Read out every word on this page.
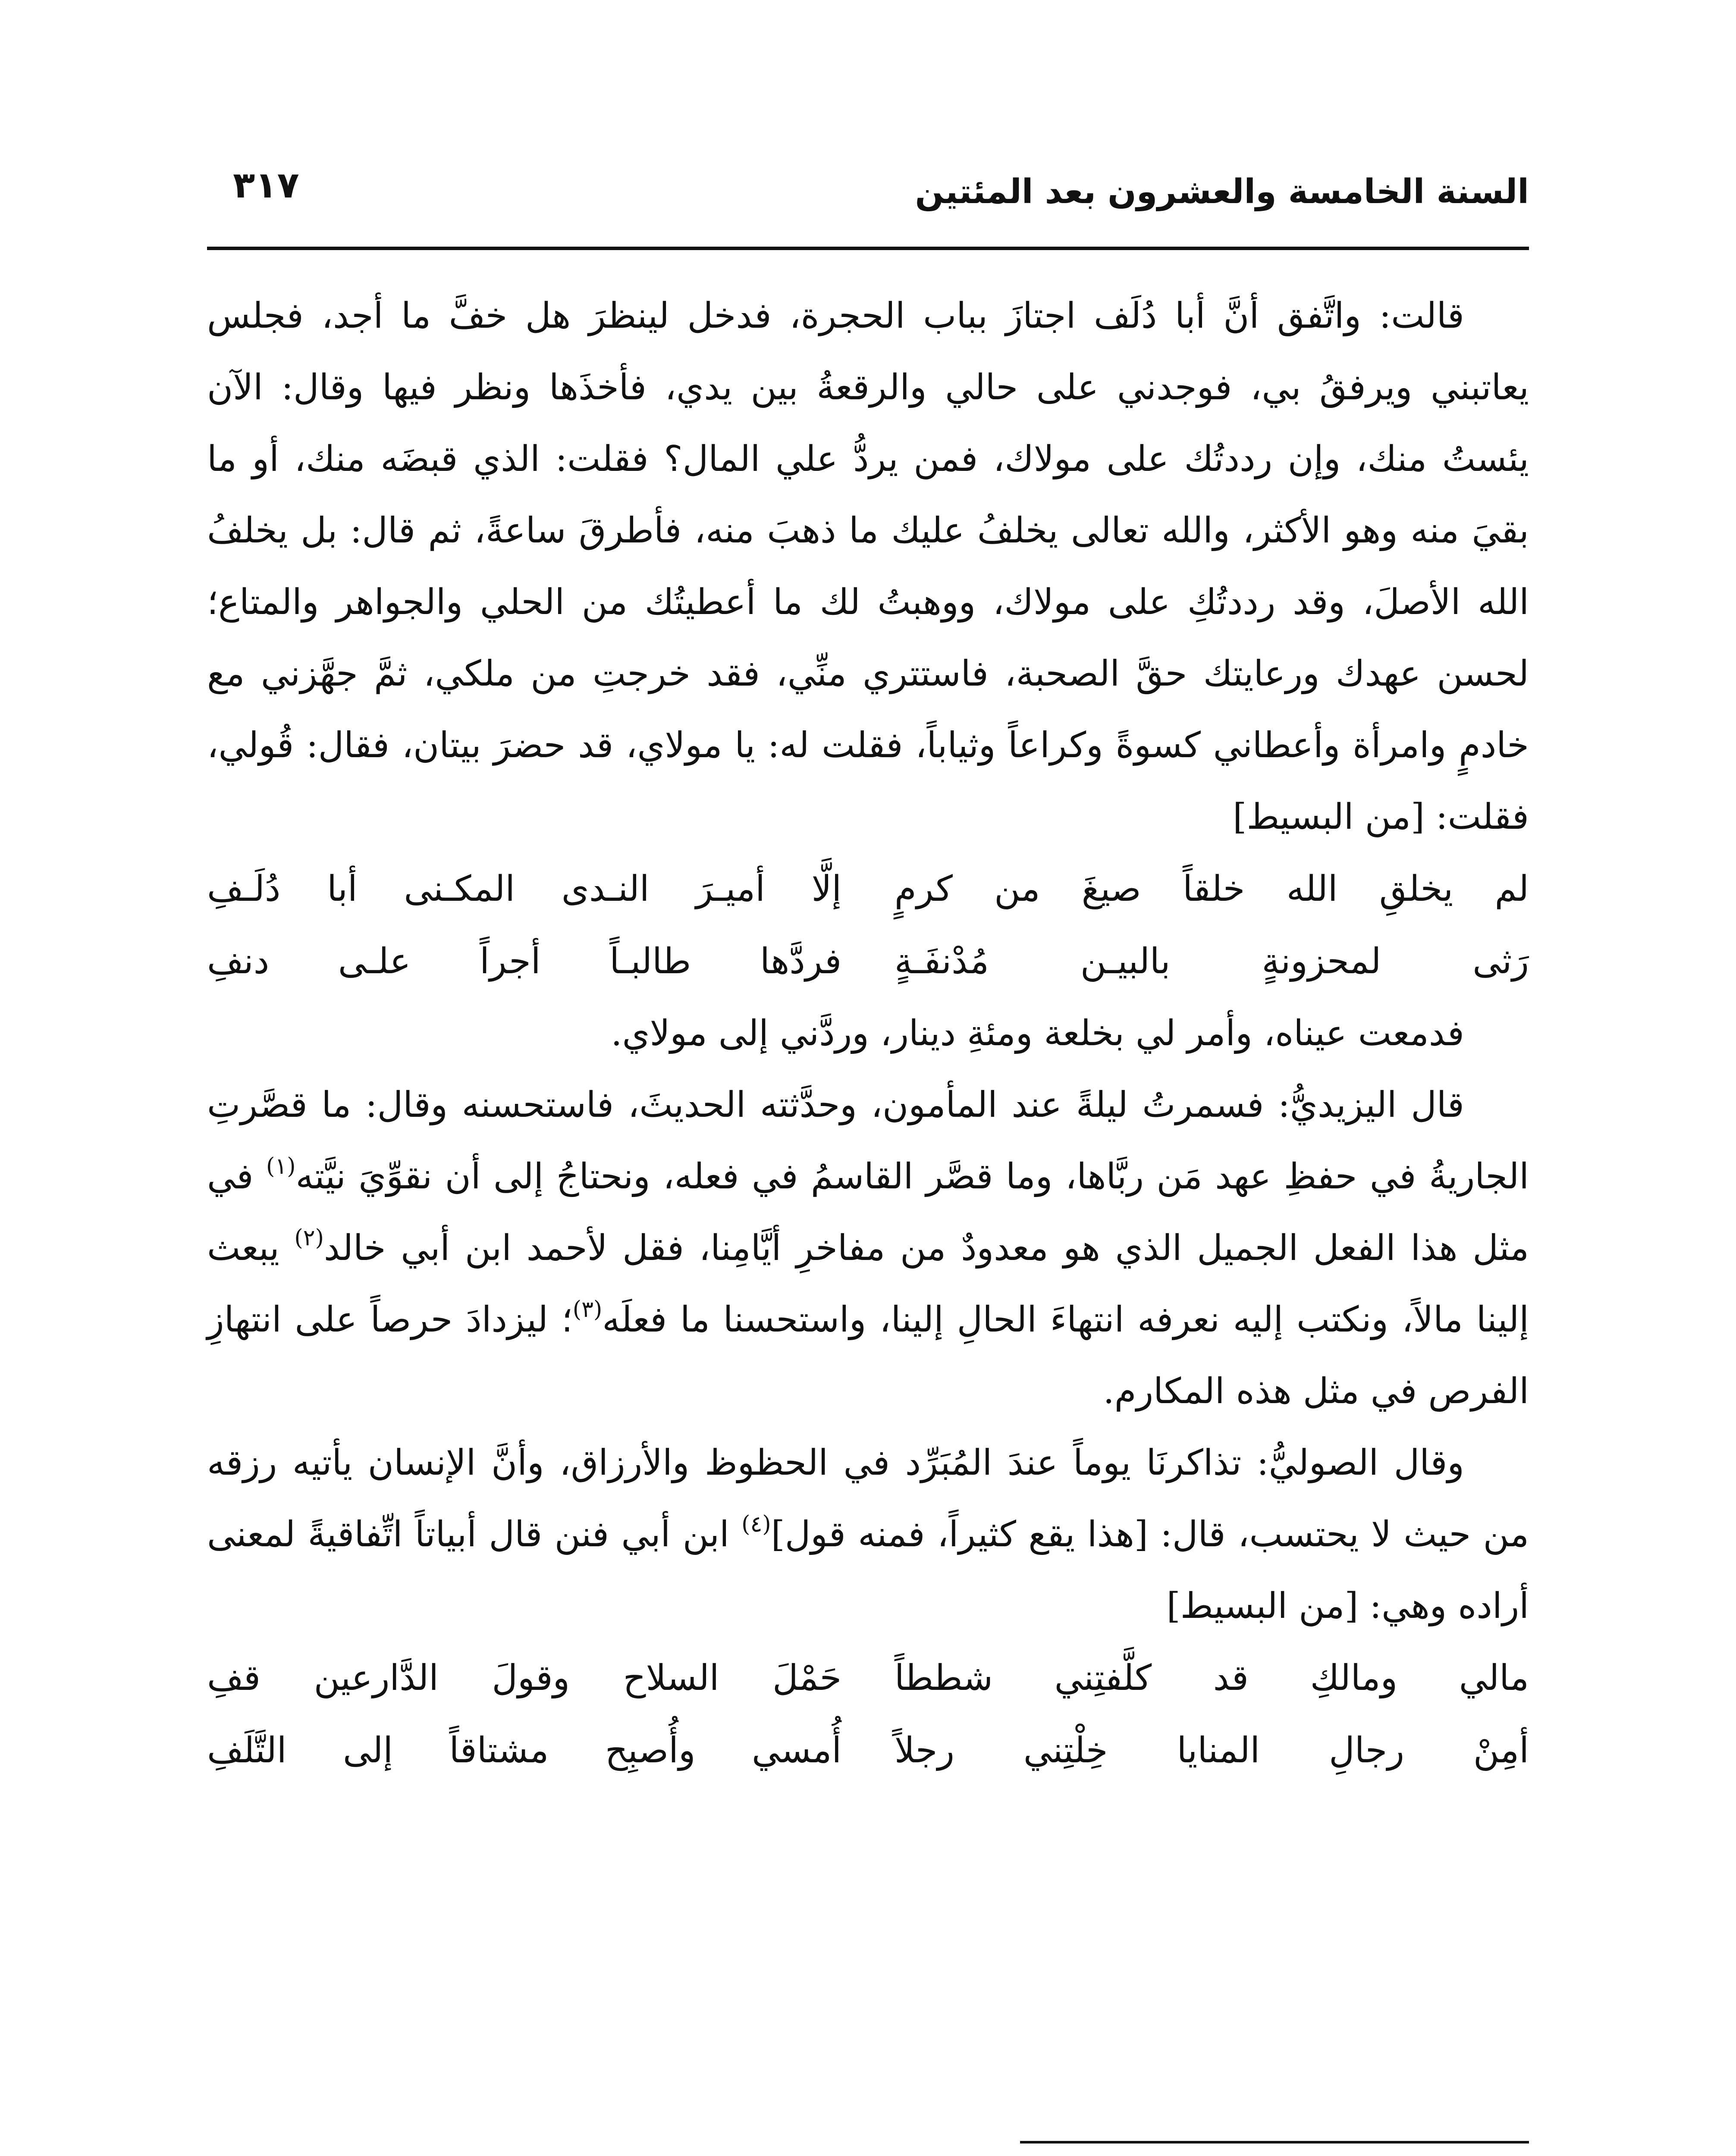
السنة الخامسة والعشرون بعد المئتين
٣١٧

قالت: واتَّفق أنَّ أبا دُلَف اجتازَ بباب الحجرة، فدخل لينظرَ هل خفَّ ما أجد، فجلس يعاتبني ويرفقُ بي، فوجدني على حالي والرقعةُ بين يدي، فأخذَها ونظر فيها وقال: الآن يئستُ منك، وإن رددتُك على مولاك، فمن يردُّ علي المال؟ فقلت: الذي قبضَه منك، أو ما بقيَ منه وهو الأكثر، والله تعالى يخلفُ عليك ما ذهبَ منه، فأطرقَ ساعةً، ثم قال: بل يخلفُ الله الأصلَ، وقد رددتُكِ على مولاك، ووهبتُ لك ما أعطيتُك من الحلي والجواهر والمتاع؛ لحسن عهدك ورعايتك حقَّ الصحبة، فاستتري منِّي، فقد خرجتِ من ملكي، ثمَّ جهَّزني مع خادمٍ وامرأة وأعطاني كسوةً وكراعاً وثياباً، فقلت له: يا مولاي، قد حضرَ بيتان، فقال: قُولي، فقلت: [من البسيط]

لم يخلقِ الله خلقاً صيغَ من كرمٍ
إلَّا أميـرَ النـدى المكـنى أبا دُلَـفِ
رَثى لمحزونةٍ بالبيـن مُدْنفَـةٍ
فردَّها طالبـاً أجراً علـى دنفِ

فدمعت عيناه، وأمر لي بخلعة ومئةِ دينار، وردَّني إلى مولاي.

قال اليزيديُّ: فسمرتُ ليلةً عند المأمون، وحدَّثته الحديثَ، فاستحسنه وقال: ما قصَّرتِ الجاريةُ في حفظِ عهد مَن ربَّاها، وما قصَّر القاسمُ في فعله، ونحتاجُ إلى أن نقوِّيَ نيَّته$^{(١)}$ في مثل هذا الفعل الجميل الذي هو معدودٌ من مفاخرِ أيَّامِنا، فقل لأحمد ابن أبي خالد$^{(٢)}$ يبعث إلينا مالاً، ونكتب إليه نعرفه انتهاءَ الحالِ إلينا، واستحسنا ما فعلَه$^{(٣)}$؛ ليزدادَ حرصاً على انتهازِ الفرص في مثل هذه المكارم.

وقال الصوليُّ: تذاكرنَا يوماً عندَ المُبَرِّد في الحظوظ والأرزاق، وأنَّ الإنسان يأتيه رزقه من حيث لا يحتسب، قال: [هذا يقع كثيراً، فمنه قول]$^{(٤)}$ ابن أبي فنن قال أبياتاً اتِّفاقيةً لمعنى أراده وهي: [من البسيط]

مالي ومالكِ قد كلَّفتِني شططاً
حَمْلَ السلاح وقولَ الدَّارعين قفِ
أمِنْ رجالِ المنايا خِلْتِني رجلاً
أُمسي وأُصبِح مشتاقاً إلى التَّلَفِ
